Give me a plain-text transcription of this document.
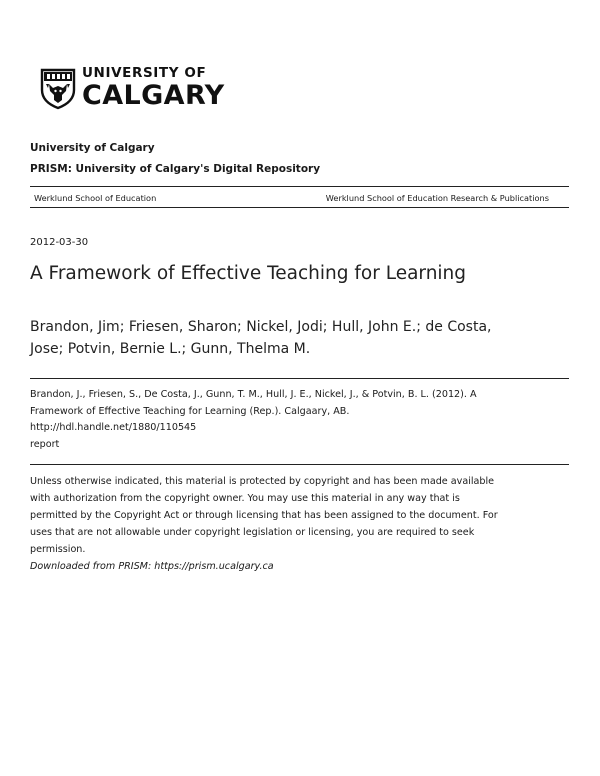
UNIVERSITY OF
CALGARY
University of Calgary
PRISM: University of Calgary's Digital Repository
Werklund School of Education	Werklund School of Education Research & Publications
2012-03-30
A Framework of Effective Teaching for Learning
Brandon, Jim; Friesen, Sharon; Nickel, Jodi; Hull, John E.; de Costa,
Jose; Potvin, Bernie L.; Gunn, Thelma M.
Brandon, J., Friesen, S., De Costa, J., Gunn, T. M., Hull, J. E., Nickel, J., & Potvin, B. L. (2012). A
Framework of Effective Teaching for Learning (Rep.). Calgaary, AB.
http://hdl.handle.net/1880/110545
report
Unless otherwise indicated, this material is protected by copyright and has been made available
with authorization from the copyright owner. You may use this material in any way that is
permitted by the Copyright Act or through licensing that has been assigned to the document. For
uses that are not allowable under copyright legislation or licensing, you are required to seek
permission.
Downloaded from PRISM: https://prism.ucalgary.ca
